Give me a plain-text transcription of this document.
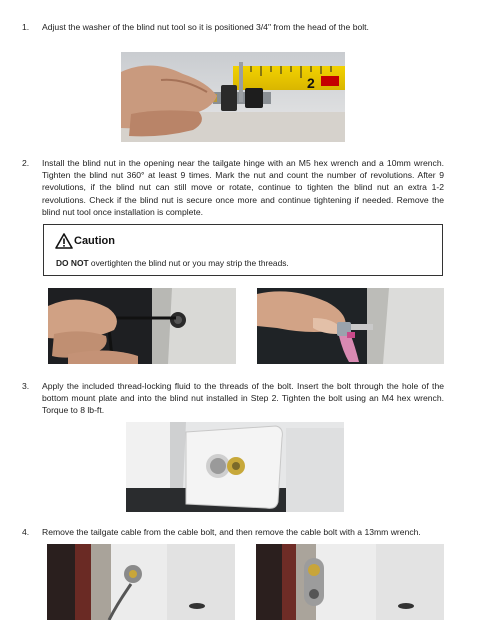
1. Adjust the washer of the blind nut tool so it is positioned 3/4" from the head of the bolt.
2
2. Install the blind nut in the opening near the tailgate hinge with an M5 hex wrench and a 10mm wrench. Tighten the blind nut 360° at least 9 times. Mark the nut and count the number of revolutions. After 9 revolutions, if the blind nut can still move or rotate, continue to tighten the blind nut an extra 1-2 revolutions. Check if the blind nut is secure once more and continue tightening if needed. Remove the blind nut tool once installation is complete.
Caution
DO NOT overtighten the blind nut or you may strip the threads.
3. Apply the included thread-locking fluid to the threads of the bolt. Insert the bolt through the hole of the bottom mount plate and into the blind nut installed in Step 2. Tighten the bolt using an M4 hex wrench. Torque to 8 lb-ft.
4. Remove the tailgate cable from the cable bolt, and then remove the cable bolt with a 13mm wrench.
